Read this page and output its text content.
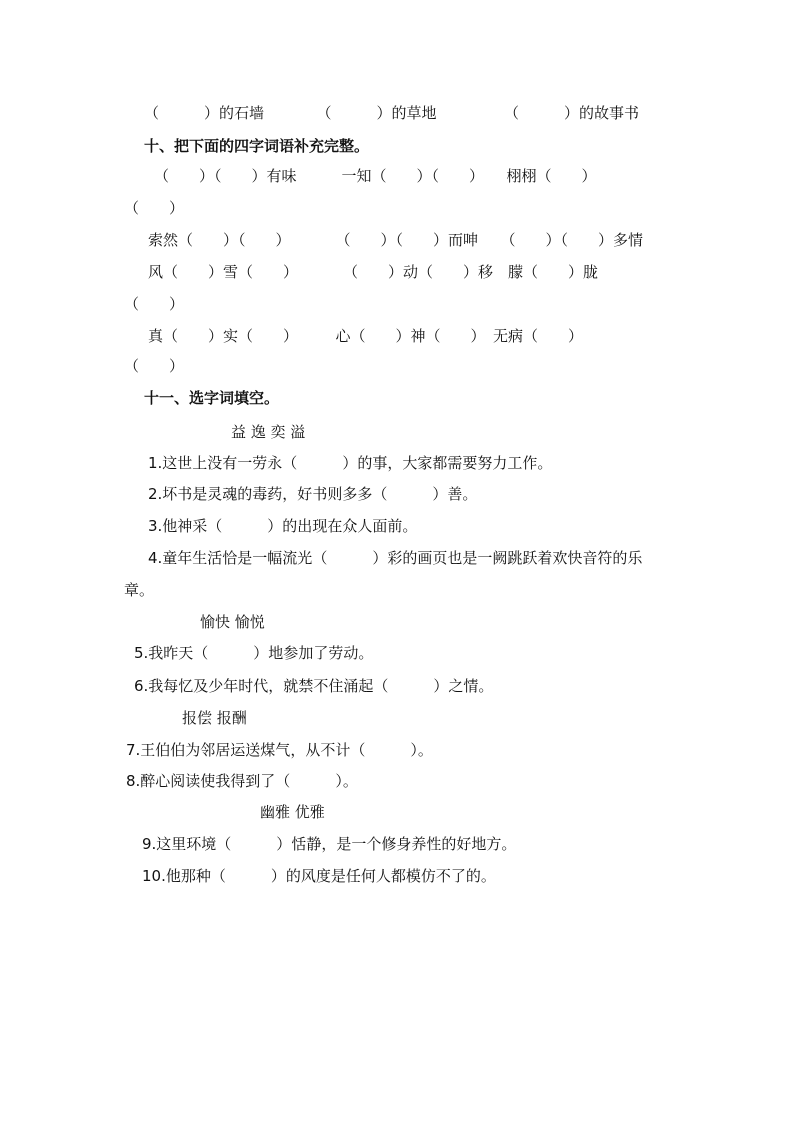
（　　　）的石墙　　　　（　　　）的草地　　　　　（　　　）的故事书
十、把下面的四字词语补充完整。
（　　）（　　）有味　　　一知（　　）（　　）　　栩栩（　　）
（　　）
索然（　　）（　　）　　　　（　　）（　　）而呻　　（　　）（　　）多情
风（　　）雪（　　）　　　　（　　）动（　　）移　朦（　　）胧
（　　）
真（　　）实（　　）　　　心（　　）神（　　）　无病（　　）
（　　）
十一、选字词填空。
益 逸 奕 溢
1.这世上没有一劳永（　　　）的事，大家都需要努力工作。
2.坏书是灵魂的毒药，好书则多多（　　　）善。
3.他神采（　　　）的出现在众人面前。
4.童年生活恰是一幅流光（　　　）彩的画页也是一阙跳跃着欢快音符的乐
章。
愉快 愉悦
5.我昨天（　　　）地参加了劳动。
6.我每忆及少年时代，就禁不住涌起（　　　）之情。
报偿 报酬
7.王伯伯为邻居运送煤气，从不计（　　　）。
8.醉心阅读使我得到了（　　　）。
幽雅 优雅
9.这里环境（　　　）恬静，是一个修身养性的好地方。
10.他那种（　　　）的风度是任何人都模仿不了的。
